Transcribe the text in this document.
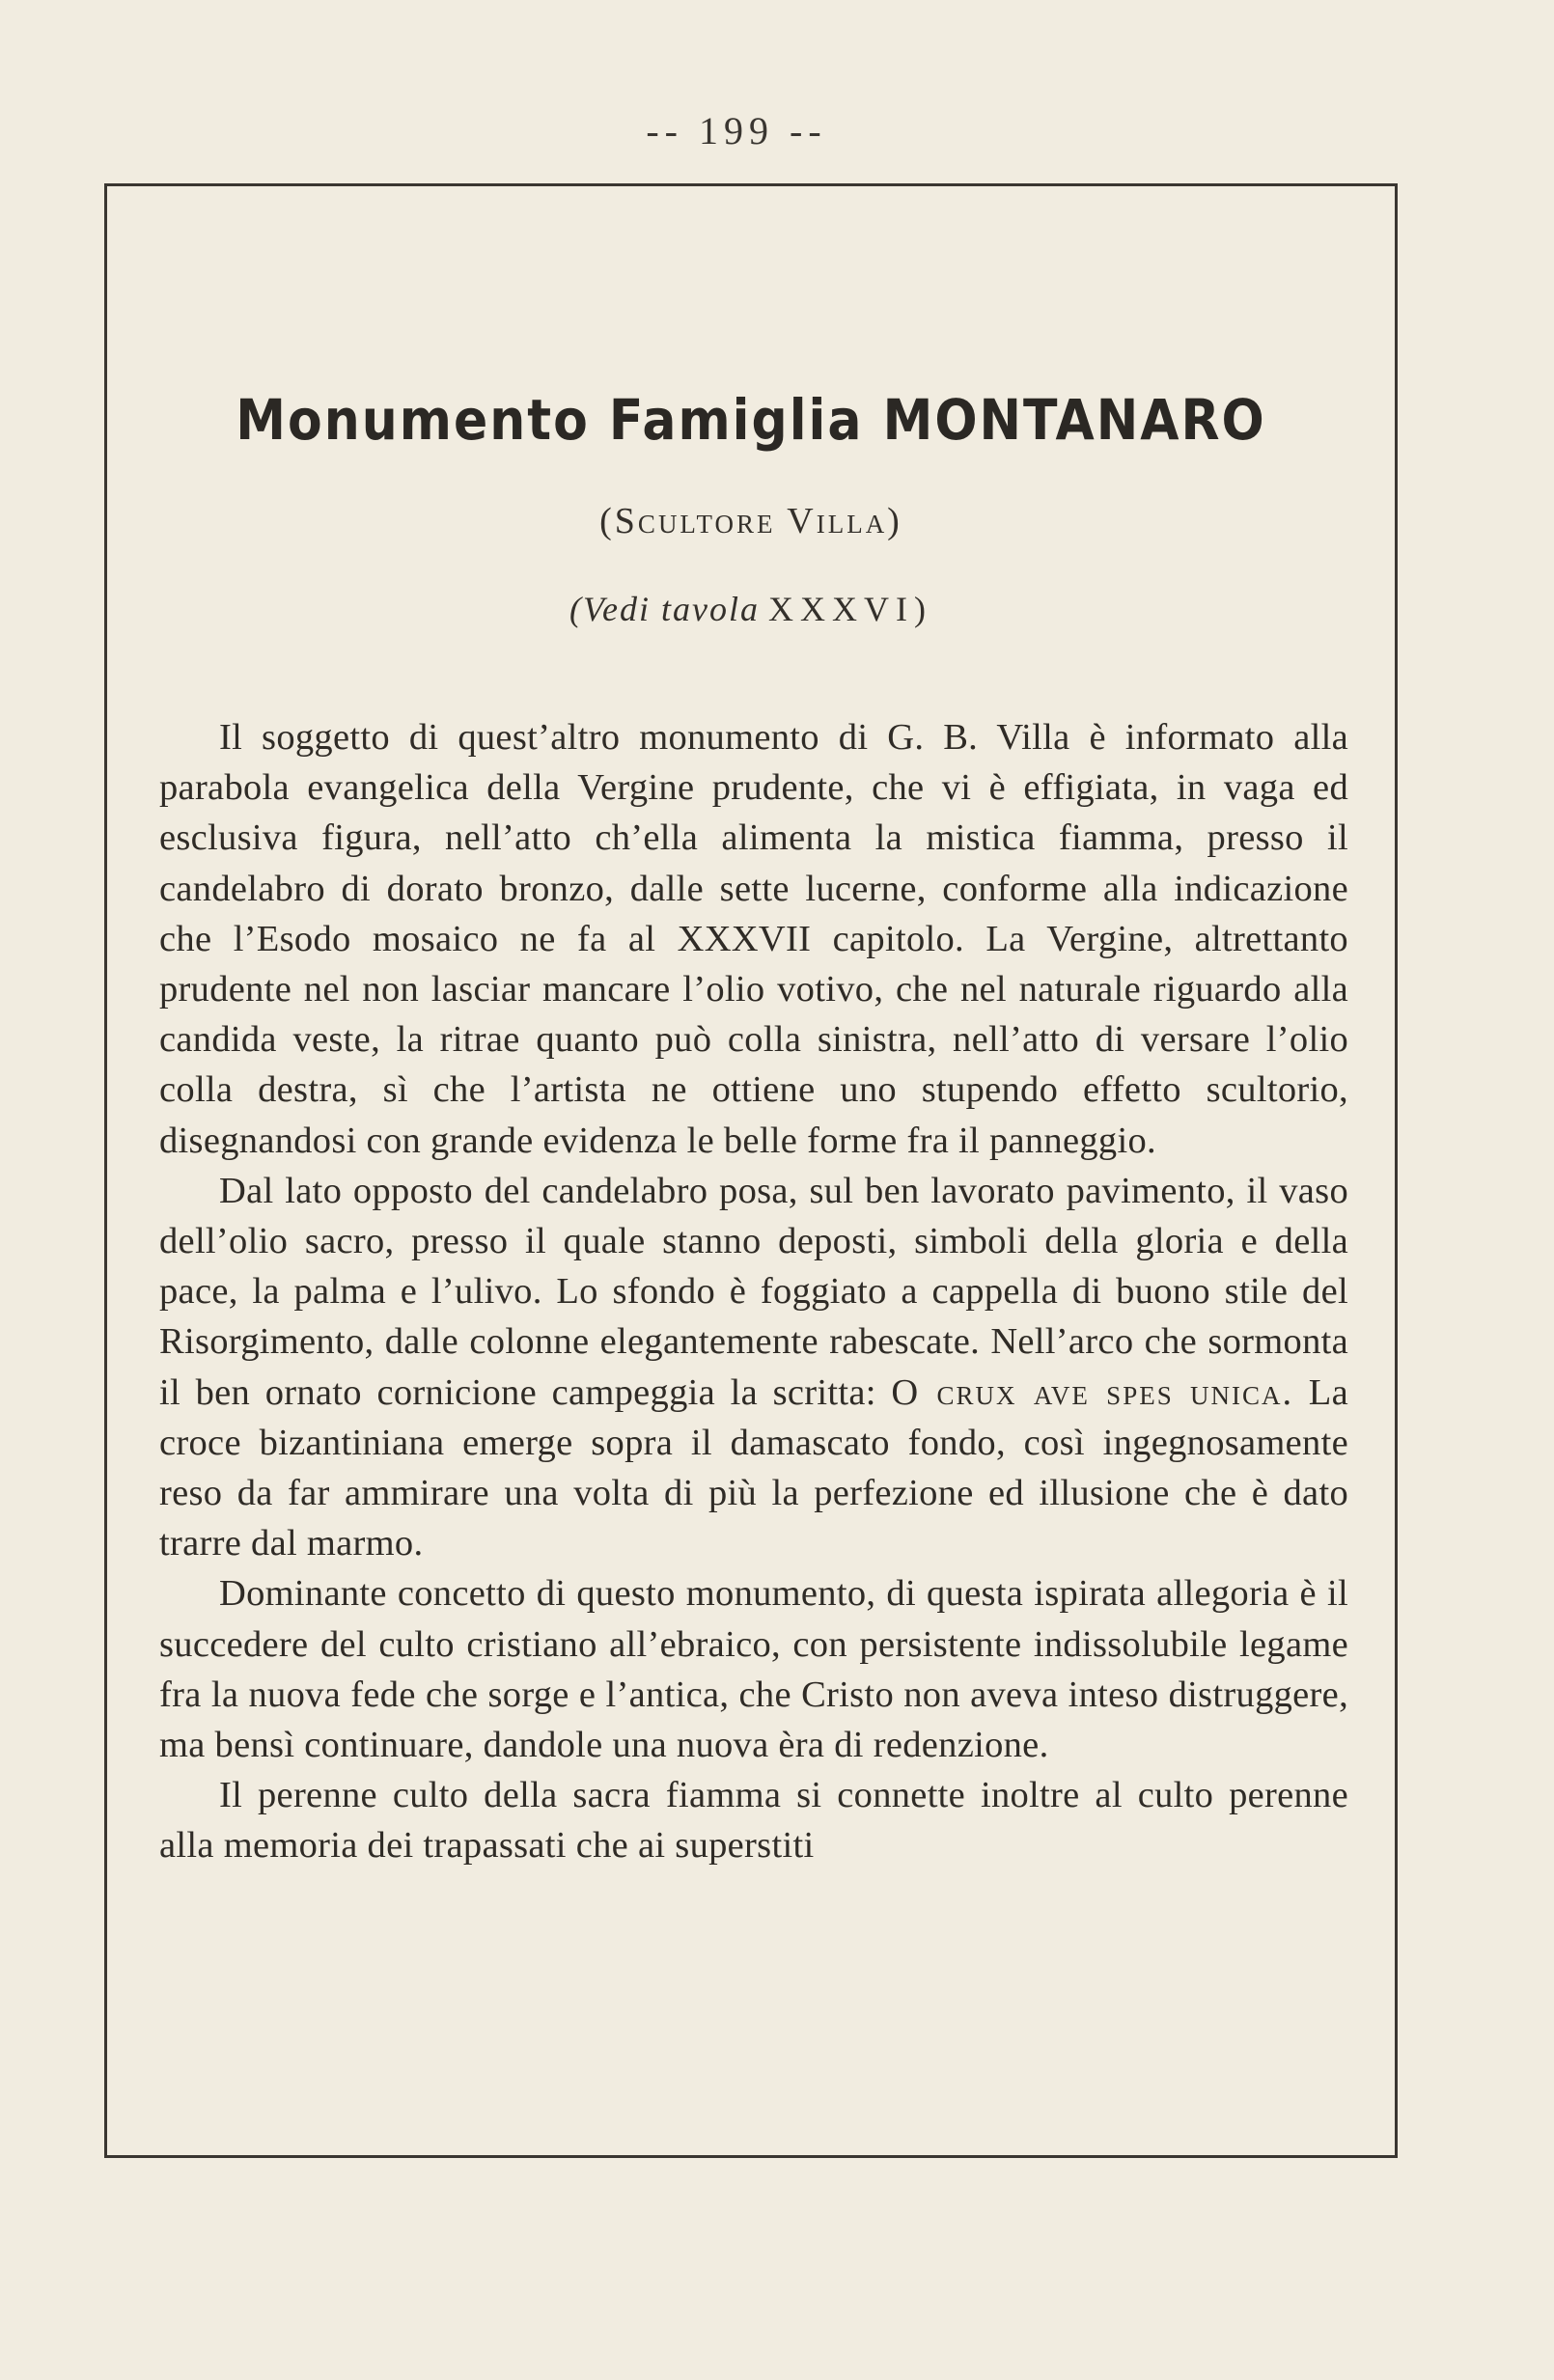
-- 199 --
Monumento Famiglia MONTANARO
(Scultore Villa)
(Vedi tavola XXXVI)

Il soggetto di quest’altro monumento di G. B. Villa è informato alla parabola evangelica della Vergine prudente, che vi è effigiata, in vaga ed esclusiva figura, nell’atto ch’ella alimenta la mistica fiamma, presso il candelabro di dorato bronzo, dalle sette lucerne, conforme alla indicazione che l’Esodo mosaico ne fa al XXXVII capitolo. La Vergine, altrettanto prudente nel non lasciar mancare l’olio votivo, che nel naturale riguardo alla candida veste, la ritrae quanto può colla sinistra, nell’atto di versare l’olio colla destra, sì che l’artista ne ottiene uno stupendo effetto scultorio, disegnandosi con grande evidenza le belle forme fra il panneggio.

Dal lato opposto del candelabro posa, sul ben lavorato pavimento, il vaso dell’olio sacro, presso il quale stanno deposti, simboli della gloria e della pace, la palma e l’ulivo. Lo sfondo è foggiato a cappella di buono stile del Risorgimento, dalle colonne elegantemente rabescate. Nell’arco che sormonta il ben ornato cornicione campeggia la scritta: O crux ave spes unica. La croce bizantiniana emerge sopra il damascato fondo, così ingegnosamente reso da far ammirare una volta di più la perfezione ed illusione che è dato trarre dal marmo.

Dominante concetto di questo monumento, di questa ispirata allegoria è il succedere del culto cristiano all’ebraico, con persistente indissolubile legame fra la nuova fede che sorge e l’antica, che Cristo non aveva inteso distruggere, ma bensì continuare, dandole una nuova èra di redenzione.

Il perenne culto della sacra fiamma si connette inoltre al culto perenne alla memoria dei trapassati che ai superstiti
